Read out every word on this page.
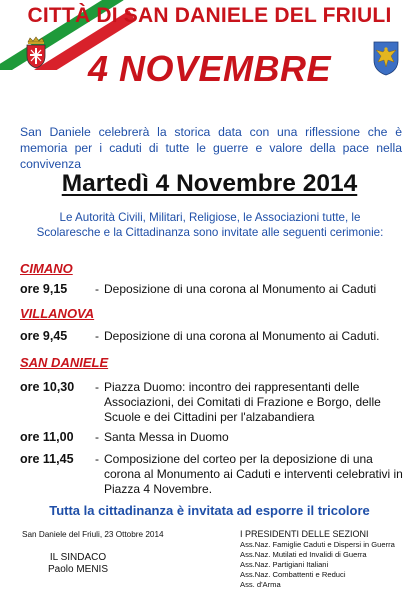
CITTÀ DI SAN DANIELE DEL FRIULI
4 NOVEMBRE
San Daniele celebrerà la storica data con una riflessione che è memoria per i caduti di tutte le guerre e valore della pace nella convivenza
Martedì 4 Novembre 2014
Le Autorità Civili, Militari, Religiose, le Associazioni tutte, le Scolaresche e la Cittadinanza sono invitate alle seguenti cerimonie:
CIMANO
ore 9,15 - Deposizione di una corona al Monumento ai Caduti
VILLANOVA
ore 9,45 - Deposizione di una corona al Monumento ai Caduti.
SAN DANIELE
ore 10,30 - Piazza Duomo: incontro dei rappresentanti delle Associazioni, dei Comitati di Frazione e Borgo, delle Scuole e dei Cittadini per l'alzabandiera
ore 11,00 - Santa Messa in Duomo
ore 11,45 - Composizione del corteo per la deposizione di una corona al Monumento ai Caduti e interventi celebrativi in Piazza 4 Novembre.
Tutta la cittadinanza è invitata ad esporre il tricolore
San Daniele del Friuli, 23 Ottobre 2014
IL SINDACO
Paolo MENIS
I PRESIDENTI DELLE SEZIONI
Ass.Naz. Famiglie Caduti e Dispersi in Guerra
Ass.Naz. Mutilati ed Invalidi di Guerra
Ass.Naz. Partigiani Italiani
Ass.Naz. Combattenti e Reduci
Ass. d'Arma
